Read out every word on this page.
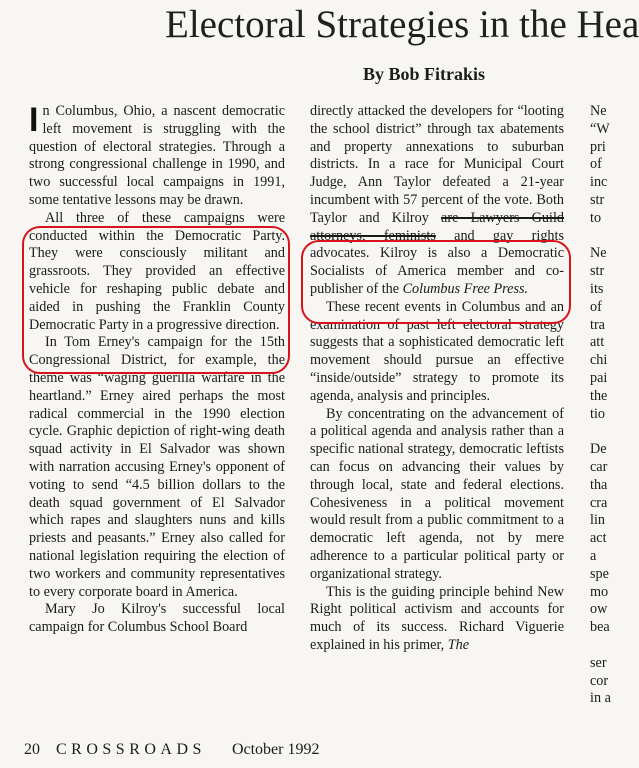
Electoral Strategies in the Hea
By Bob Fitrakis

In Columbus, Ohio, a nascent democratic left movement is struggling with the question of electoral strategies. Through a strong congressional challenge in 1990, and two successful local campaigns in 1991, some tentative lessons may be drawn.

All three of these campaigns were conducted within the Democratic Party. They were consciously militant and grassroots. They provided an effective vehicle for reshaping public debate and aided in pushing the Franklin County Democratic Party in a progressive direction.

In Tom Erney's campaign for the 15th Congressional District, for example, the theme was “waging guerilla warfare in the heartland.” Erney aired perhaps the most radical commercial in the 1990 election cycle. Graphic depiction of right-wing death squad activity in El Salvador was shown with narration accusing Erney's opponent of voting to send “4.5 billion dollars to the death squad government of El Salvador which rapes and slaughters nuns and kills priests and peasants.” Erney also called for national legislation requiring the election of two workers and community representatives to every corporate board in America.

Mary Jo Kilroy's successful local campaign for Columbus School Board

directly attacked the developers for “looting the school district” through tax abatements and property annexations to suburban districts. In a race for Municipal Court Judge, Ann Taylor defeated a 21-year incumbent with 57 percent of the vote. Both Taylor and Kilroy are Lawyers Guild attorneys, feminists and gay rights advocates. Kilroy is also a Democratic Socialists of America member and co-publisher of the Columbus Free Press.

These recent events in Columbus and an examination of past left electoral strategy suggests that a sophisticated democratic left movement should pursue an effective “inside/outside” strategy to promote its agenda, analysis and principles.

By concentrating on the advancement of a political agenda and analysis rather than a specific national strategy, democratic leftists can focus on advancing their values by through local, state and federal elections. Cohesiveness in a political movement would result from a public commitment to a democratic left agenda, not by mere adherence to a particular political party or organizational strategy.

This is the guiding principle behind New Right political activism and accounts for much of its success. Richard Viguerie explained in his primer, The

Ne
“W
pri
of
inc
str
to
Ne
str
its
of
tra
att
chi
pai
the
tio
De
car
tha
cra
lin
act
a
spe
mo
ow
bea
ser
cor
in a
20 CROSSROADS October 1992
